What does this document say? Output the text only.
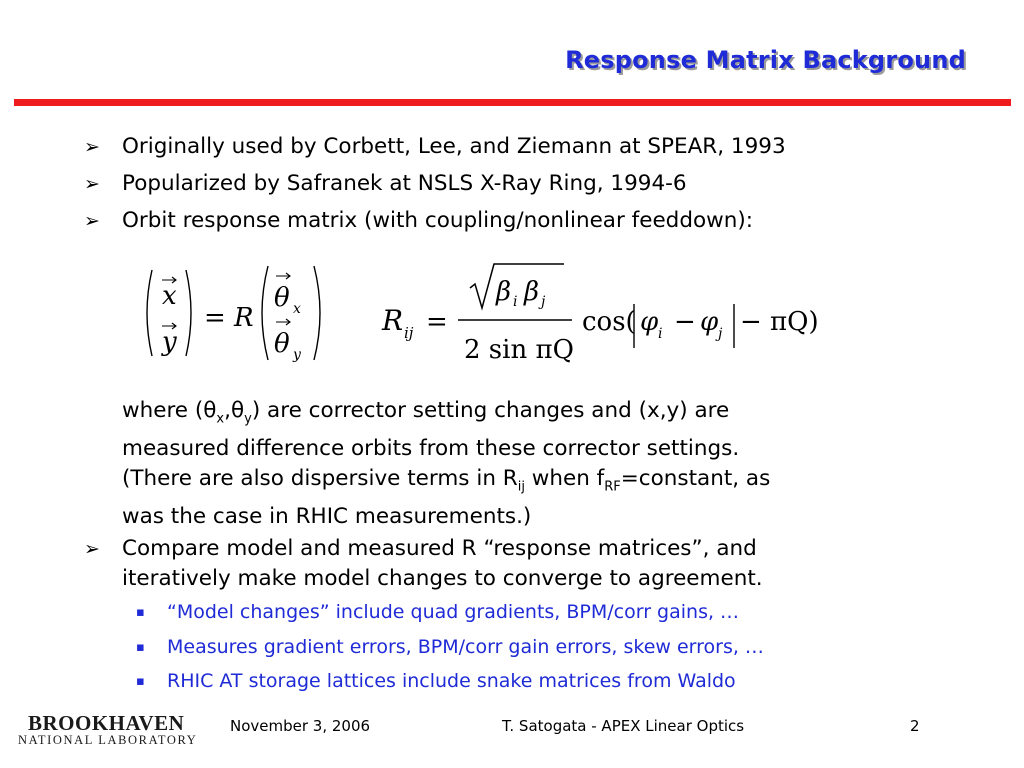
Response Matrix Background
➢ Originally used by Corbett, Lee, and Ziemann at SPEAR, 1993
➢ Popularized by Safranek at NSLS X-Ray Ring, 1994-6
➢ Orbit response matrix (with coupling/nonlinear feeddown):
x
y
= R
θ x
θ y
R ij =
β i β j
2 sin πQ
cos( φ i − φ j − πQ)
where $(\theta_x,\theta_y)$ are corrector setting changes and (x,y) are
measured difference orbits from these corrector settings.
(There are also dispersive terms in $R_{ij}$ when $f_{RF}=constant$, as
was the case in RHIC measurements.)
➢ Compare model and measured R “response matrices”, and
iteratively make model changes to converge to agreement.
▪ “Model changes” include quad gradients, BPM/corr gains, …
▪ Measures gradient errors, BPM/corr gain errors, skew errors, …
▪ RHIC AT storage lattices include snake matrices from Waldo
BROOKHAVEN
NATIONAL LABORATORY
November 3, 2006	T. Satogata - APEX Linear Optics	2
